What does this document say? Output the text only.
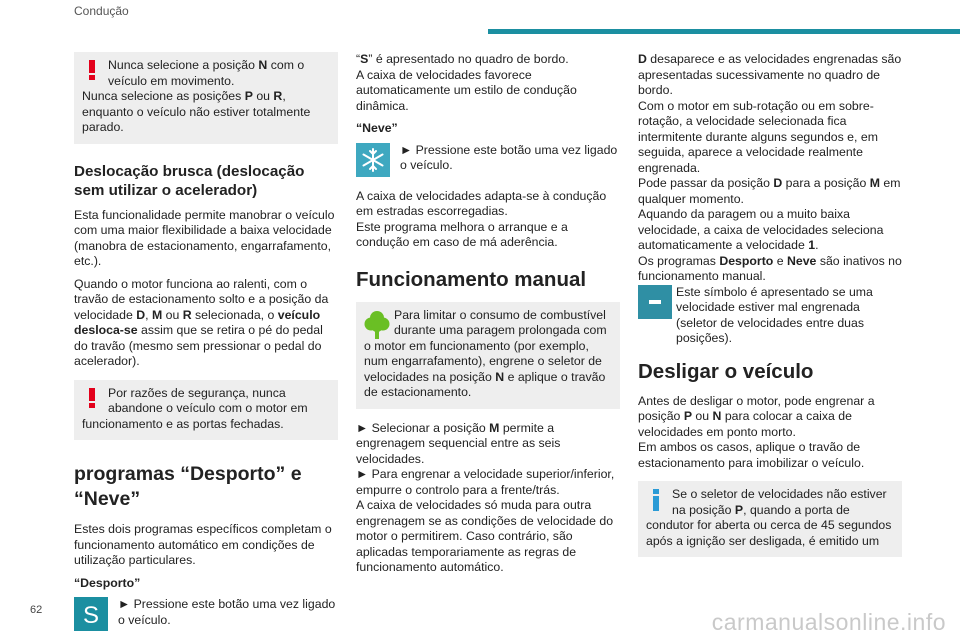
Condução
Nunca selecione a posição N com o
veículo em movimento.
Nunca selecione as posições P ou R,
enquanto o veículo não estiver totalmente
parado.
Deslocação brusca (deslocação sem utilizar o acelerador)

Esta funcionalidade permite manobrar o veículo com uma maior flexibilidade a baixa velocidade (manobra de estacionamento, engarrafamento, etc.).

Quando o motor funciona ao ralenti, com o travão de estacionamento solto e a posição da velocidade D, M ou R selecionada, o veículo desloca-se assim que se retira o pé do pedal do travão (mesmo sem pressionar o pedal do acelerador).

Por razões de segurança, nunca
abandone o veículo com o motor em
funcionamento e as portas fechadas.
programas “Desporto” e “Neve”

Estes dois programas específicos completam o funcionamento automático em condições de utilização particulares.

“Desporto”
S	► Pressione este botão uma vez ligado o veículo.

“S” é apresentado no quadro de bordo.
A caixa de velocidades favorece automaticamente um estilo de condução dinâmica.

“Neve”
► Pressione este botão uma vez ligado o veículo.

A caixa de velocidades adapta-se à condução em estradas escorregadias.
Este programa melhora o arranque e a condução em caso de má aderência.

Funcionamento manual
Para limitar o consumo de combustível
durante uma paragem prolongada com
o motor em funcionamento (por exemplo,
num engarrafamento), engrene o seletor de
velocidades na posição N e aplique o travão
de estacionamento.

► Selecionar a posição M permite a engrenagem sequencial entre as seis velocidades.
► Para engrenar a velocidade superior/inferior, empurre o controlo para a frente/trás.
A caixa de velocidades só muda para outra engrenagem se as condições de velocidade do motor o permitirem. Caso contrário, são aplicadas temporariamente as regras de funcionamento automático.

D desaparece e as velocidades engrenadas são apresentadas sucessivamente no quadro de bordo.
Com o motor em sub-rotação ou em sobre-rotação, a velocidade selecionada fica intermitente durante alguns segundos e, em seguida, aparece a velocidade realmente engrenada.
Pode passar da posição D para a posição M em qualquer momento.
Aquando da paragem ou a muito baixa velocidade, a caixa de velocidades seleciona automaticamente a velocidade 1.
Os programas Desporto e Neve são inativos no funcionamento manual.

Este símbolo é apresentado se uma velocidade estiver mal engrenada (seletor de velocidades entre duas posições).
Desligar o veículo

Antes de desligar o motor, pode engrenar a posição P ou N para colocar a caixa de velocidades em ponto morto.
Em ambos os casos, aplique o travão de estacionamento para imobilizar o veículo.

Se o seletor de velocidades não estiver
na posição P, quando a porta de
condutor for aberta ou cerca de 45 segundos
após a ignição ser desligada, é emitido um
62	carmanualsonline.info
